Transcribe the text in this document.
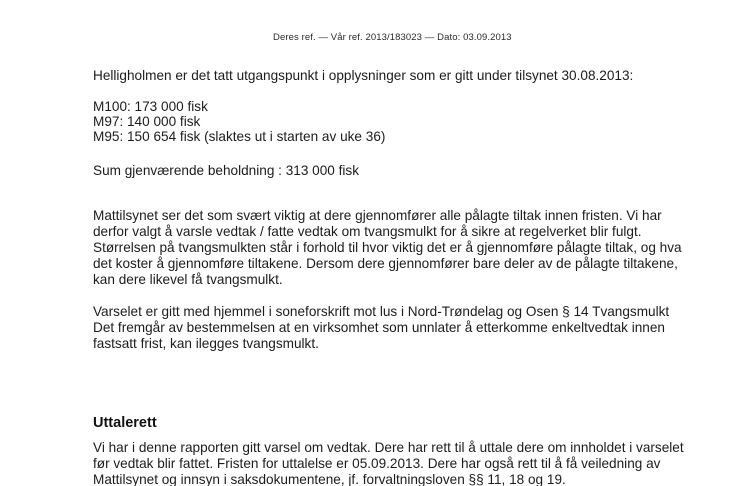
Deres ref. — Vår ref. 2013/183023 — Dato: 03.09.2013
Helligholmen er det tatt utgangspunkt i opplysninger som er gitt under tilsynet 30.08.2013:
M100: 173 000 fisk
M97: 140 000 fisk
M95: 150 654 fisk (slaktes ut i starten av uke 36)
Sum gjenværende beholdning : 313 000 fisk
Mattilsynet ser det som svært viktig at dere gjennomfører alle pålagte tiltak innen fristen. Vi har
derfor valgt å varsle vedtak / fatte vedtak om tvangsmulkt for å sikre at regelverket blir fulgt.
Størrelsen på tvangsmulkten står i forhold til hvor viktig det er å gjennomføre pålagte tiltak, og hva
det koster å gjennomføre tiltakene. Dersom dere gjennomfører bare deler av de pålagte tiltakene,
kan dere likevel få tvangsmulkt.
Varselet er gitt med hjemmel i soneforskrift mot lus i Nord-Trøndelag og Osen § 14 Tvangsmulkt
Det fremgår av bestemmelsen at en virksomhet som unnlater å etterkomme enkeltvedtak innen
fastsatt frist, kan ilegges tvangsmulkt.
Uttalerett
Vi har i denne rapporten gitt varsel om vedtak. Dere har rett til å uttale dere om innholdet i varselet
før vedtak blir fattet. Fristen for uttalelse er 05.09.2013. Dere har også rett til å få veiledning av
Mattilsynet og innsyn i saksdokumentene, jf. forvaltningsloven §§ 11, 18 og 19.
